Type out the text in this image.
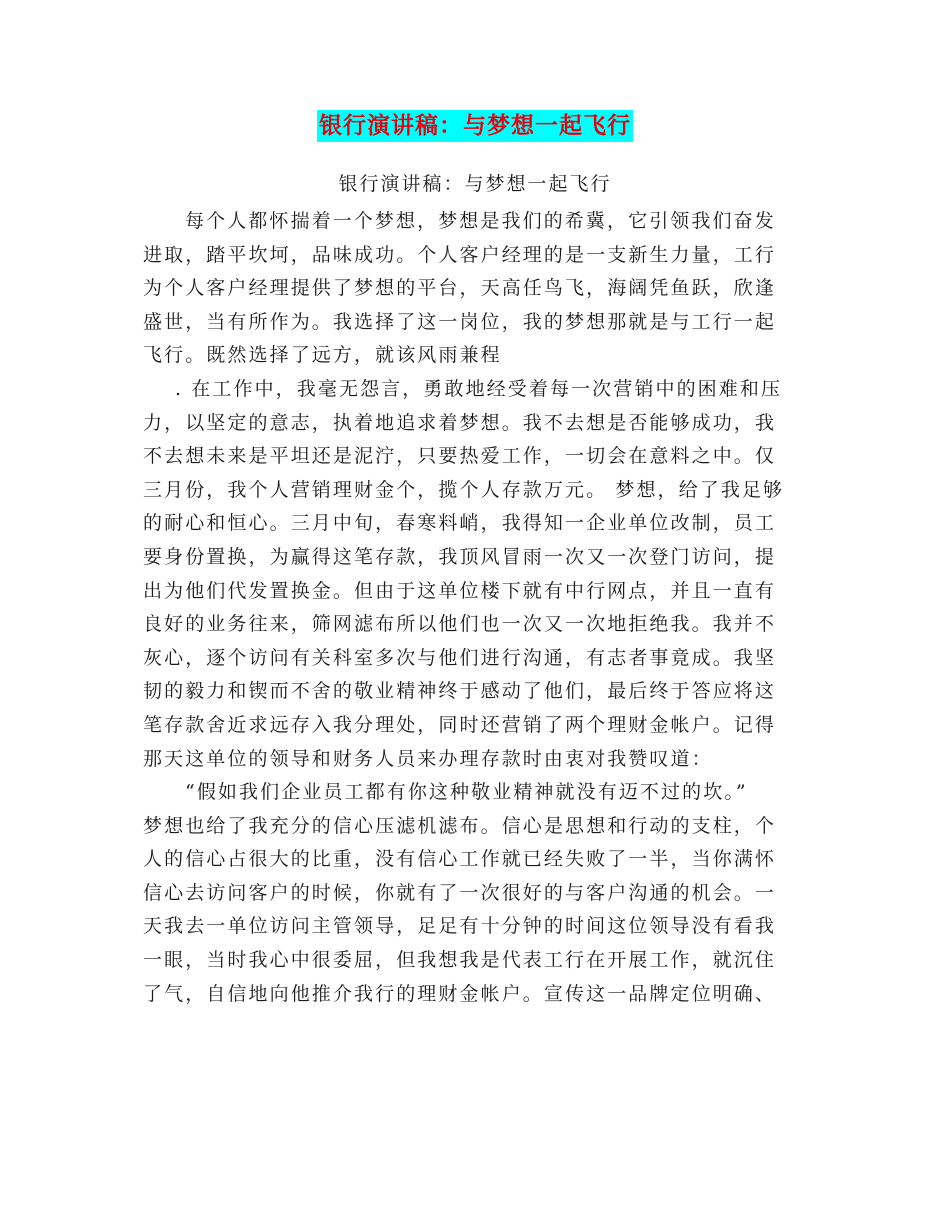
银行演讲稿：与梦想一起飞行
银行演讲稿：与梦想一起飞行
每个人都怀揣着一个梦想，梦想是我们的希冀，它引领我们奋发
进取，踏平坎坷，品味成功。个人客户经理的是一支新生力量，工行
为个人客户经理提供了梦想的平台，天高任鸟飞，海阔凭鱼跃，欣逢
盛世，当有所作为。我选择了这一岗位，我的梦想那就是与工行一起
飞行。既然选择了远方，就该风雨兼程
. 在工作中，我毫无怨言，勇敢地经受着每一次营销中的困难和压
力，以坚定的意志，执着地追求着梦想。我不去想是否能够成功，我
不去想未来是平坦还是泥泞，只要热爱工作，一切会在意料之中。仅
三月份，我个人营销理财金个，揽个人存款万元。 梦想，给了我足够
的耐心和恒心。三月中旬，春寒料峭，我得知一企业单位改制，员工
要身份置换，为赢得这笔存款，我顶风冒雨一次又一次登门访问，提
出为他们代发置换金。但由于这单位楼下就有中行网点，并且一直有
良好的业务往来，筛网滤布所以他们也一次又一次地拒绝我。我并不
灰心，逐个访问有关科室多次与他们进行沟通，有志者事竟成。我坚
韧的毅力和锲而不舍的敬业精神终于感动了他们，最后终于答应将这
笔存款舍近求远存入我分理处，同时还营销了两个理财金帐户。记得
那天这单位的领导和财务人员来办理存款时由衷对我赞叹道：
“假如我们企业员工都有你这种敬业精神就没有迈不过的坎。”
梦想也给了我充分的信心压滤机滤布。信心是思想和行动的支柱，个
人的信心占很大的比重，没有信心工作就已经失败了一半，当你满怀
信心去访问客户的时候，你就有了一次很好的与客户沟通的机会。一
天我去一单位访问主管领导，足足有十分钟的时间这位领导没有看我
一眼，当时我心中很委屈，但我想我是代表工行在开展工作，就沉住
了气，自信地向他推介我行的理财金帐户。宣传这一品牌定位明确、
